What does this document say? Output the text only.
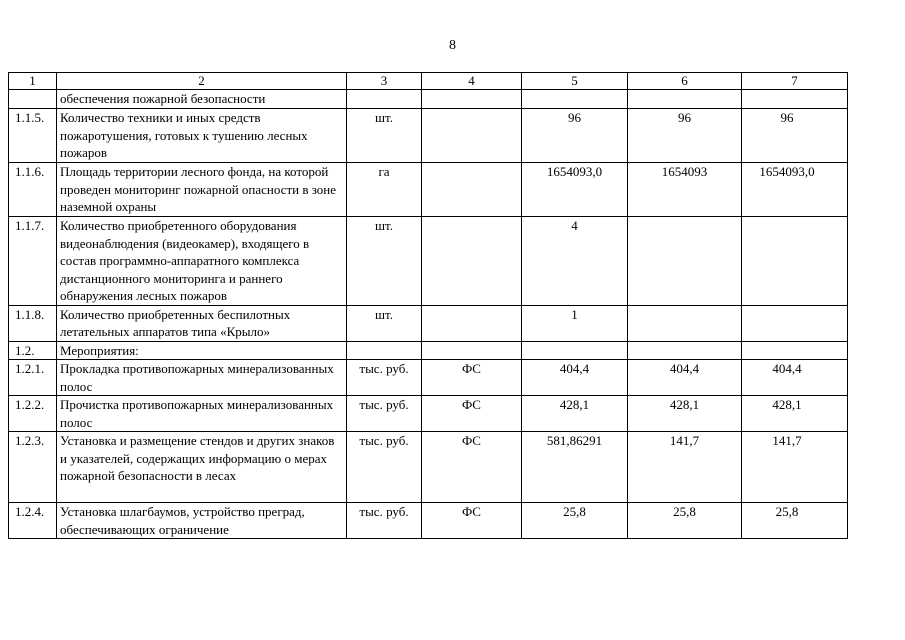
8
1	2	3	4	5	6	7
	обеспечения пожарной безопасности					
1.1.5.	Количество техники и иных средств пожаротушения, готовых к тушению лесных пожаров	шт.		96	96	96
1.1.6.	Площадь территории лесного фонда, на которой проведен мониторинг пожарной опасности в зоне наземной охраны	га		1654093,0	1654093	1654093,0
1.1.7.	Количество приобретенного оборудования видеонаблюдения (видеокамер), входящего в состав программно-аппаратного комплекса дистанционного мониторинга и раннего обнаружения лесных пожаров	шт.		4		
1.1.8.	Количество приобретенных беспилотных летательных аппаратов типа «Крыло»	шт.		1		
1.2.	Мероприятия:					
1.2.1.	Прокладка противопожарных минерализованных полос	тыс. руб.	ФС	404,4	404,4	404,4
1.2.2.	Прочистка противопожарных минерализованных полос	тыс. руб.	ФС	428,1	428,1	428,1
1.2.3.	Установка и размещение стендов и других знаков и указателей, содержащих информацию о мерах пожарной безопасности в лесах	тыс. руб.	ФС	581,86291	141,7	141,7
1.2.4.	Установка шлагбаумов, устройство преград, обеспечивающих ограничение	тыс. руб.	ФС	25,8	25,8	25,8
